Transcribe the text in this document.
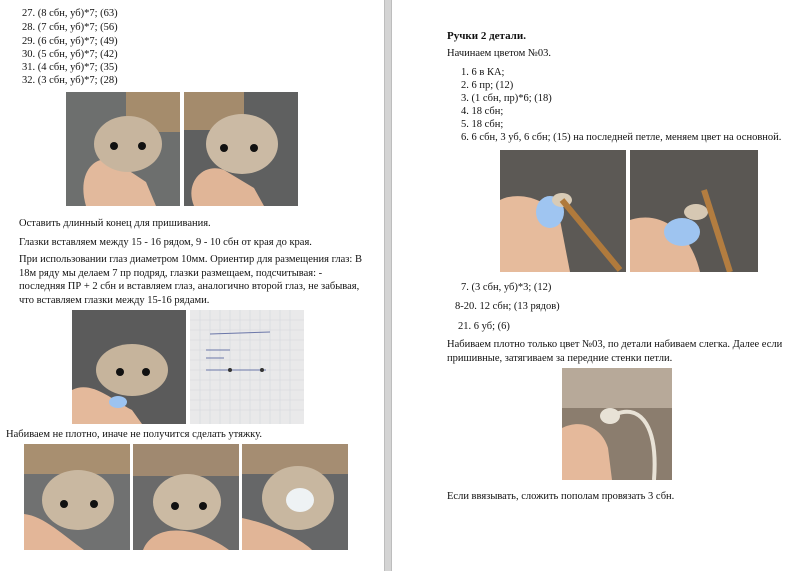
27. (8 сбн, уб)*7; (63)
28. (7 сбн, уб)*7; (56)
29. (6 сбн, уб)*7; (49)
30. (5 сбн, уб)*7; (42)
31. (4 сбн, уб)*7; (35)
32. (3 сбн, уб)*7; (28)
Оставить длинный конец для пришивания.
Глазки вставляем между 15 - 16 рядом, 9 - 10 сбн от края до края.
При использовании глаз диаметром 10мм. Ориентир для размещения глаз: В 18м ряду мы делаем 7 пр подряд, глазки размещаем, подсчитывая: - последняя ПР + 2 сбн и вставляем глаз, аналогично второй глаз, не забывая, что вставляем глазки между 15-16 рядами.
Набиваем не плотно, иначе не получится сделать утяжку.
Ручки 2 детали.
Начинаем цветом №03.
1. 6 в КА;
2. 6 пр; (12)
3. (1 сбн, пр)*6; (18)
4. 18 сбн;
5. 18 сбн;
6. 6 сбн, 3 уб, 6 сбн; (15) на последней петле, меняем цвет на основной.
7. (3 сбн, уб)*3; (12)
8-20. 12 сбн; (13 рядов)
21. 6 уб; (6)
Набиваем плотно только цвет №03, по детали набиваем слегка. Далее если пришивные, затягиваем за передние стенки петли.
Если ввязывать, сложить пополам провязать 3 сбн.
PassionForum.ru
